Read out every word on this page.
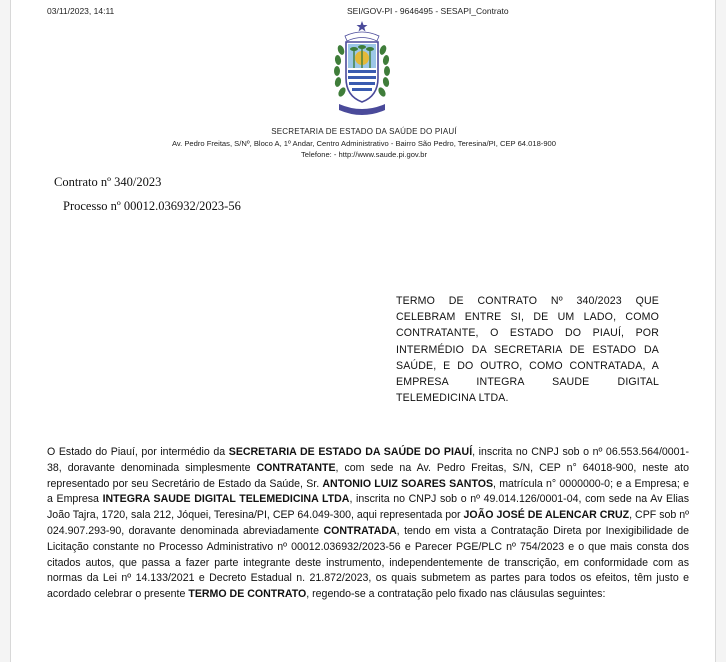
03/11/2023, 14:11	SEI/GOV-PI - 9646495 - SESAPI_Contrato
SECRETARIA DE ESTADO DA SAÚDE DO PIAUÍ
Av. Pedro Freitas, S/Nº, Bloco A, 1º Andar, Centro Administrativo - Bairro São Pedro, Teresina/PI, CEP 64.018-900
Telefone: - http://www.saude.pi.gov.br
Contrato nº 340/2023
Processo nº 00012.036932/2023-56
TERMO DE CONTRATO Nº 340/2023 QUE CELEBRAM ENTRE SI, DE UM LADO, COMO CONTRATANTE, O ESTADO DO PIAUÍ, POR INTERMÉDIO DA SECRETARIA DE ESTADO DA SAÚDE, E DO OUTRO, COMO CONTRATADA, A EMPRESA INTEGRA SAUDE DIGITAL TELEMEDICINA LTDA.
O Estado do Piauí, por intermédio da SECRETARIA DE ESTADO DA SAÚDE DO PIAUÍ, inscrita no CNPJ sob o nº 06.553.564/0001-38, doravante denominada simplesmente CONTRATANTE, com sede na Av. Pedro Freitas, S/N, CEP n° 64018-900, neste ato representado por seu Secretário de Estado da Saúde, Sr. ANTONIO LUIZ SOARES SANTOS, matrícula n° 0000000-0; e a Empresa; e a Empresa INTEGRA SAUDE DIGITAL TELEMEDICINA LTDA, inscrita no CNPJ sob o nº 49.014.126/0001-04, com sede na Av Elias João Tajra, 1720, sala 212, Jóquei, Teresina/PI, CEP 64.049-300, aqui representada por JOÃO JOSÉ DE ALENCAR CRUZ, CPF sob nº 024.907.293-90, doravante denominada abreviadamente CONTRATADA, tendo em vista a Contratação Direta por Inexigibilidade de Licitação constante no Processo Administrativo nº 00012.036932/2023-56 e Parecer PGE/PLC nº 754/2023 e o que mais consta dos citados autos, que passa a fazer parte integrante deste instrumento, independentemente de transcrição, em conformidade com as normas da Lei nº 14.133/2021 e Decreto Estadual n. 21.872/2023, os quais submetem as partes para todos os efeitos, têm justo e acordado celebrar o presente TERMO DE CONTRATO, regendo-se a contratação pelo fixado nas cláusulas seguintes:
